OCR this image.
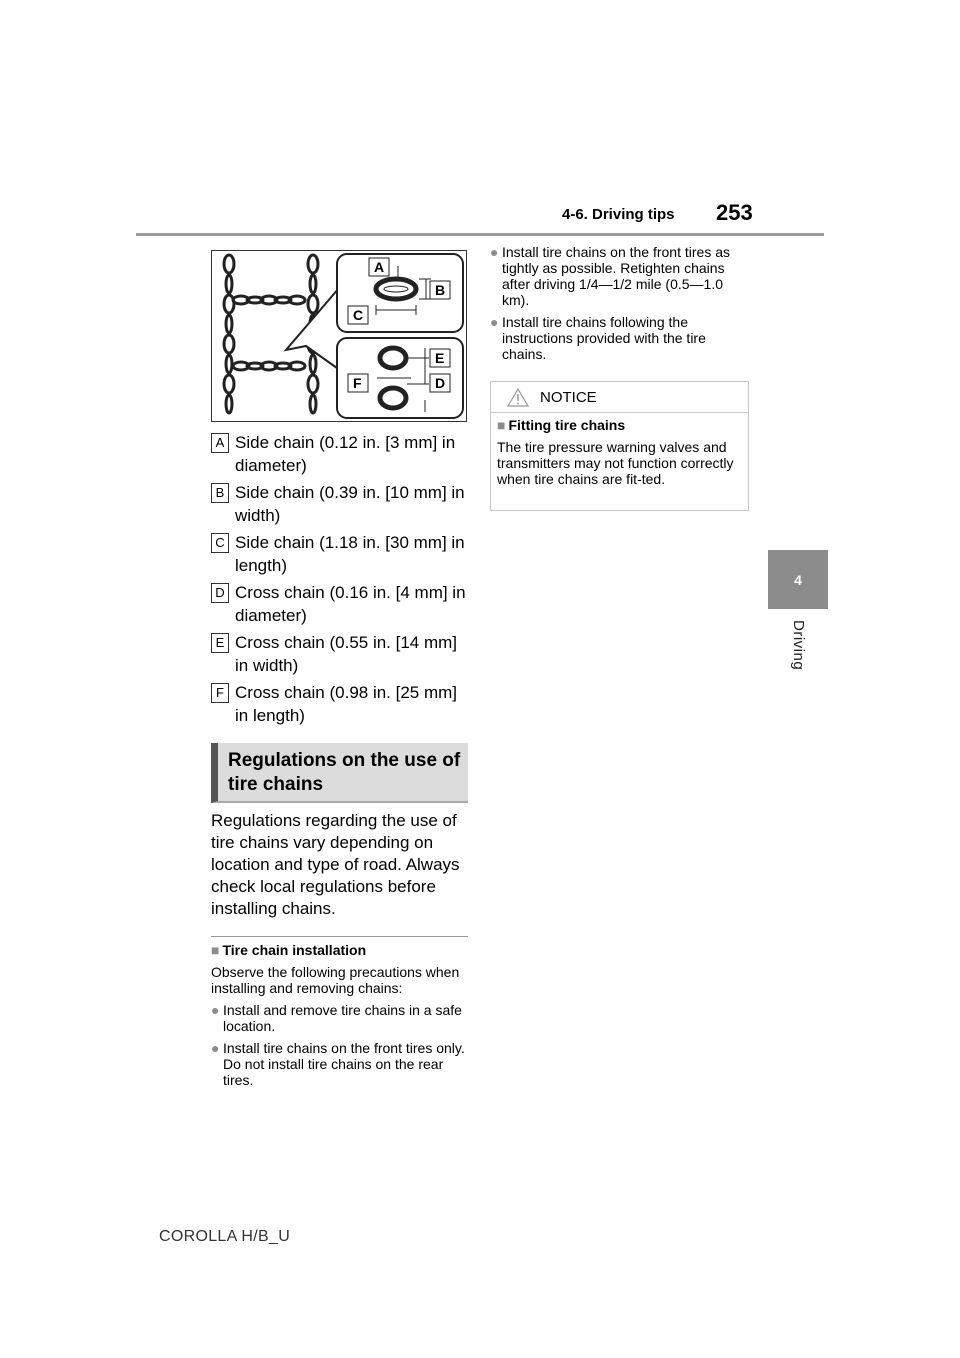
4-6. Driving tips 253
4
Driving
A
B
C
E
F	D
A Side chain (0.12 in. [3 mm] in diameter)
B Side chain (0.39 in. [10 mm] in width)
C Side chain (1.18 in. [30 mm] in length)
D Cross chain (0.16 in. [4 mm] in diameter)
E Cross chain (0.55 in. [14 mm] in width)
F Cross chain (0.98 in. [25 mm] in length)
Regulations on the use of
tire chains
Regulations regarding the use of tire chains vary depending on location and type of road. Always check local regulations before installing chains.

■ Tire chain installation

Observe the following precautions when installing and removing chains:

● Install and remove tire chains in a safe location.
● Install tire chains on the front tires only. Do not install tire chains on the rear tires.
● Install tire chains on the front tires as tightly as possible. Retighten chains after driving 1/4—1/2 mile (0.5—1.0 km).
● Install tire chains following the instructions provided with the tire chains.
NOTICE

■ Fitting tire chains

The tire pressure warning valves and transmitters may not function correctly when tire chains are fit-ted.

COROLLA H/B_U
